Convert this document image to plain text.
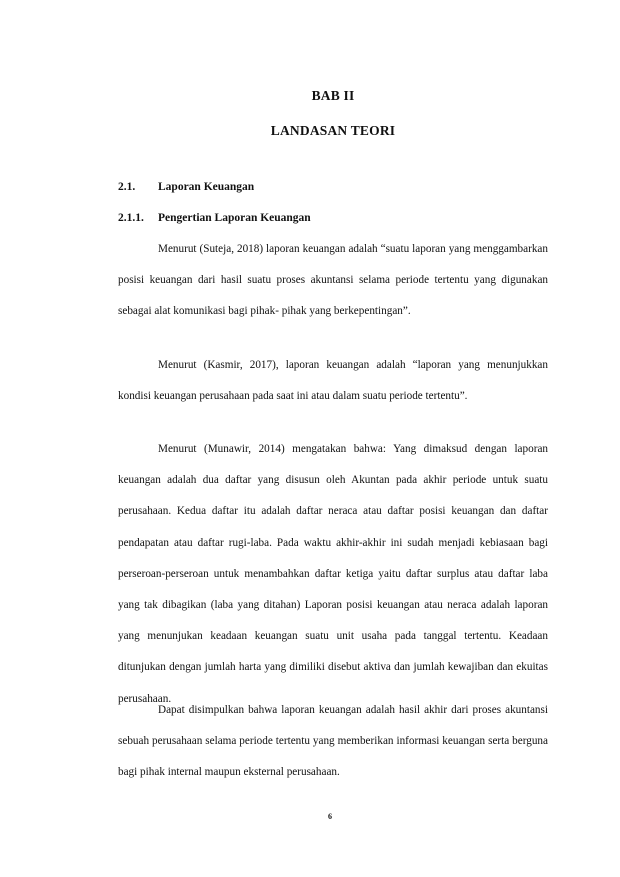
BAB II
LANDASAN TEORI
2.1. Laporan Keuangan
2.1.1. Pengertian Laporan Keuangan

Menurut (Suteja, 2018) laporan keuangan adalah “suatu laporan yang menggambarkan posisi keuangan dari hasil suatu proses akuntansi selama periode tertentu yang digunakan sebagai alat komunikasi bagi pihak- pihak yang berkepentingan”.

Menurut (Kasmir, 2017), laporan keuangan adalah “laporan yang menunjukkan kondisi keuangan perusahaan pada saat ini atau dalam suatu periode tertentu”.

Menurut (Munawir, 2014) mengatakan bahwa: Yang dimaksud dengan laporan keuangan adalah dua daftar yang disusun oleh Akuntan pada akhir periode untuk suatu perusahaan. Kedua daftar itu adalah daftar neraca atau daftar posisi keuangan dan daftar pendapatan atau daftar rugi-laba. Pada waktu akhir-akhir ini sudah menjadi kebiasaan bagi perseroan-perseroan untuk menambahkan daftar ketiga yaitu daftar surplus atau daftar laba yang tak dibagikan (laba yang ditahan) Laporan posisi keuangan atau neraca adalah laporan yang menunjukan keadaan keuangan suatu unit usaha pada tanggal tertentu. Keadaan ditunjukan dengan jumlah harta yang dimiliki disebut aktiva dan jumlah kewajiban dan ekuitas perusahaan.

Dapat disimpulkan bahwa laporan keuangan adalah hasil akhir dari proses akuntansi sebuah perusahaan selama periode tertentu yang memberikan informasi keuangan serta berguna bagi pihak internal maupun eksternal perusahaan.

6
